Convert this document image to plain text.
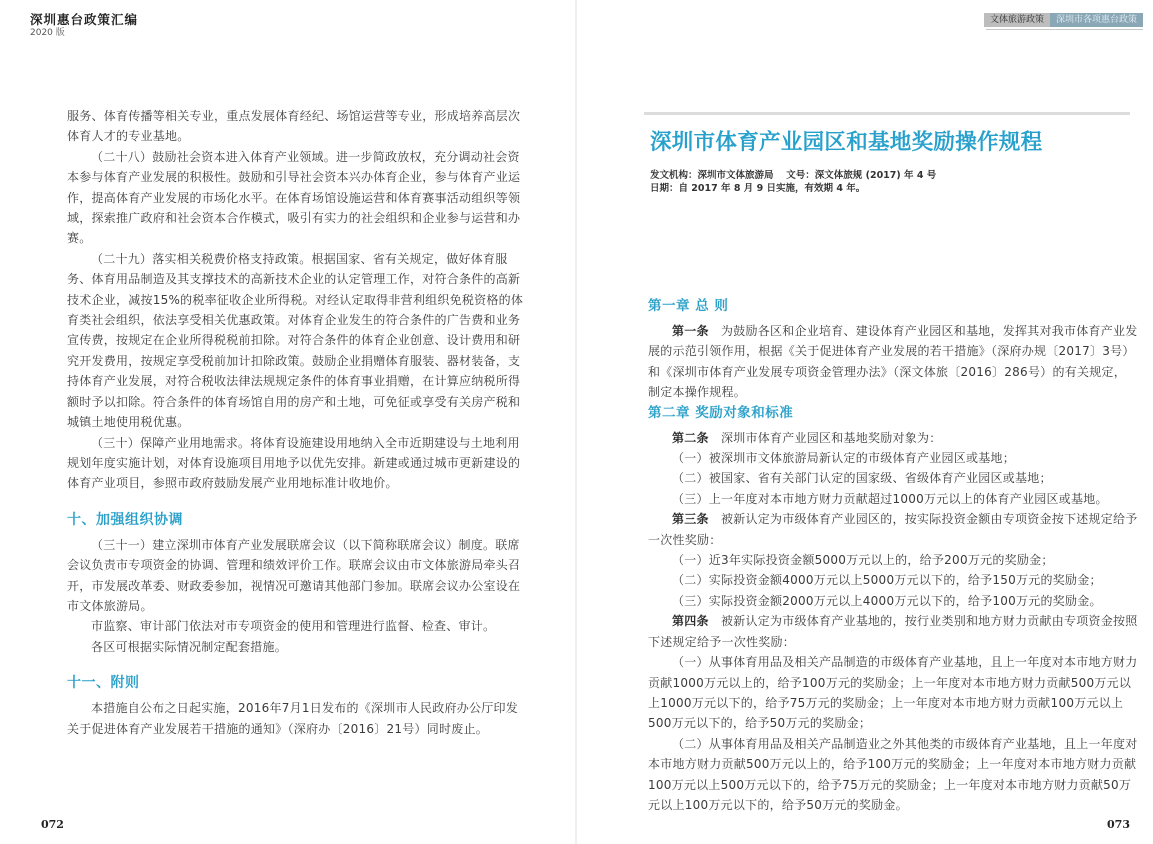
深圳惠台政策汇编
2020 版

服务、体育传播等相关专业，重点发展体育经纪、场馆运营等专业，形成培养高层次体育人才的专业基地。

（二十八）鼓励社会资本进入体育产业领域。进一步简政放权，充分调动社会资本参与体育产业发展的积极性。鼓励和引导社会资本兴办体育企业，参与体育产业运作，提高体育产业发展的市场化水平。在体育场馆设施运营和体育赛事活动组织等领域，探索推广政府和社会资本合作模式，吸引有实力的社会组织和企业参与运营和办赛。

（二十九）落实相关税费价格支持政策。根据国家、省有关规定，做好体育服务、体育用品制造及其支撑技术的高新技术企业的认定管理工作，对符合条件的高新技术企业，减按15%的税率征收企业所得税。对经认定取得非营利组织免税资格的体育类社会组织，依法享受相关优惠政策。对体育企业发生的符合条件的广告费和业务宣传费，按规定在企业所得税税前扣除。对符合条件的体育企业创意、设计费用和研究开发费用，按规定享受税前加计扣除政策。鼓励企业捐赠体育服装、器材装备，支持体育产业发展，对符合税收法律法规规定条件的体育事业捐赠，在计算应纳税所得额时予以扣除。符合条件的体育场馆自用的房产和土地，可免征或享受有关房产税和城镇土地使用税优惠。

（三十）保障产业用地需求。将体育设施建设用地纳入全市近期建设与土地利用规划年度实施计划，对体育设施项目用地予以优先安排。新建或通过城市更新建设的体育产业项目，参照市政府鼓励发展产业用地标准计收地价。

十、加强组织协调

（三十一）建立深圳市体育产业发展联席会议（以下简称联席会议）制度。联席会议负责市专项资金的协调、管理和绩效评价工作。联席会议由市文体旅游局牵头召开，市发展改革委、财政委参加，视情况可邀请其他部门参加。联席会议办公室设在市文体旅游局。

市监察、审计部门依法对市专项资金的使用和管理进行监督、检查、审计。

各区可根据实际情况制定配套措施。

十一、附则

本措施自公布之日起实施，2016年7月1日发布的《深圳市人民政府办公厅印发关于促进体育产业发展若干措施的通知》（深府办〔2016〕21号）同时废止。

072
文体旅游政策	深圳市各项惠台政策
深圳市体育产业园区和基地奖励操作规程
发文机构：深圳市文体旅游局　 文号：深文体旅规 (2017) 年 4 号
日期：自 2017 年 8 月 9 日实施，有效期 4 年。
第一章 总 则

第一条  为鼓励各区和企业培育、建设体育产业园区和基地，发挥其对我市体育产业发展的示范引领作用，根据《关于促进体育产业发展的若干措施》（深府办规〔2017〕3号）和《深圳市体育产业发展专项资金管理办法》（深文体旅〔2016〕286号）的有关规定，制定本操作规程。

第二章 奖励对象和标准

第二条  深圳市体育产业园区和基地奖励对象为：

（一）被深圳市文体旅游局新认定的市级体育产业园区或基地；

（二）被国家、省有关部门认定的国家级、省级体育产业园区或基地；

（三）上一年度对本市地方财力贡献超过1000万元以上的体育产业园区或基地。

第三条  被新认定为市级体育产业园区的，按实际投资金额由专项资金按下述规定给予一次性奖励：

（一）近3年实际投资金额5000万元以上的，给予200万元的奖励金；

（二）实际投资金额4000万元以上5000万元以下的，给予150万元的奖励金；

（三）实际投资金额2000万元以上4000万元以下的，给予100万元的奖励金。

第四条  被新认定为市级体育产业基地的，按行业类别和地方财力贡献由专项资金按照下述规定给予一次性奖励：

（一）从事体育用品及相关产品制造的市级体育产业基地，且上一年度对本市地方财力贡献1000万元以上的，给予100万元的奖励金；上一年度对本市地方财力贡献500万元以上1000万元以下的，给予75万元的奖励金；上一年度对本市地方财力贡献100万元以上500万元以下的，给予50万元的奖励金；

（二）从事体育用品及相关产品制造业之外其他类的市级体育产业基地，且上一年度对本市地方财力贡献500万元以上的，给予100万元的奖励金；上一年度对本市地方财力贡献100万元以上500万元以下的，给予75万元的奖励金；上一年度对本市地方财力贡献50万元以上100万元以下的，给予50万元的奖励金。

073
